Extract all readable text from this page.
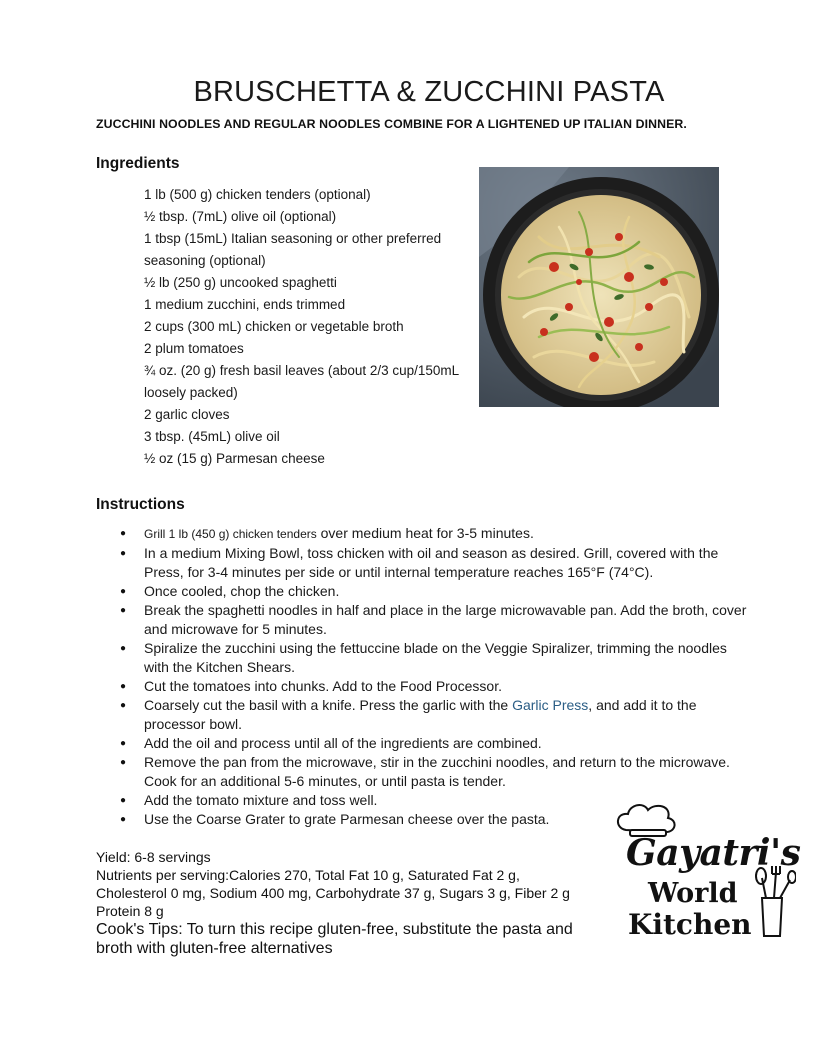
BRUSCHETTA & ZUCCHINI PASTA
ZUCCHINI NOODLES AND REGULAR NOODLES COMBINE FOR A LIGHTENED UP ITALIAN DINNER.
Ingredients
1 lb (500 g) chicken tenders (optional)
½ tbsp. (7mL) olive oil (optional)
1 tbsp (15mL) Italian seasoning or other preferred seasoning (optional)
½ lb (250 g) uncooked spaghetti
1 medium zucchini, ends trimmed
2 cups (300 mL) chicken or vegetable broth
2 plum tomatoes
¾ oz. (20 g) fresh basil leaves (about 2/3 cup/150mL loosely packed)
2 garlic cloves
3 tbsp. (45mL) olive oil
½ oz (15 g) Parmesan cheese
Instructions
● Grill 1 lb (450 g) chicken tenders over medium heat for 3-5 minutes.
● In a medium Mixing Bowl, toss chicken with oil and season as desired. Grill, covered with the Press, for 3-4 minutes per side or until internal temperature reaches 165°F (74°C).
● Once cooled, chop the chicken.
● Break the spaghetti noodles in half and place in the large microwavable pan. Add the broth, cover and microwave for 5 minutes.
● Spiralize the zucchini using the fettuccine blade on the Veggie Spiralizer, trimming the noodles with the Kitchen Shears.
● Cut the tomatoes into chunks. Add to the Food Processor.
● Coarsely cut the basil with a knife. Press the garlic with the Garlic Press, and add it to the processor bowl.
● Add the oil and process until all of the ingredients are combined.
● Remove the pan from the microwave, stir in the zucchini noodles, and return to the microwave. Cook for an additional 5-6 minutes, or until pasta is tender.
● Add the tomato mixture and toss well.
● Use the Coarse Grater to grate Parmesan cheese over the pasta.
Yield: 6-8 servings
Nutrients per serving:Calories 270, Total Fat 10 g, Saturated Fat 2 g, Cholesterol 0 mg, Sodium 400 mg, Carbohydrate 37 g, Sugars 3 g, Fiber 2 g Protein 8 g
Cook's Tips: To turn this recipe gluten-free, substitute the pasta and broth with gluten-free alternatives
Gayatri's
World
Kitchen
